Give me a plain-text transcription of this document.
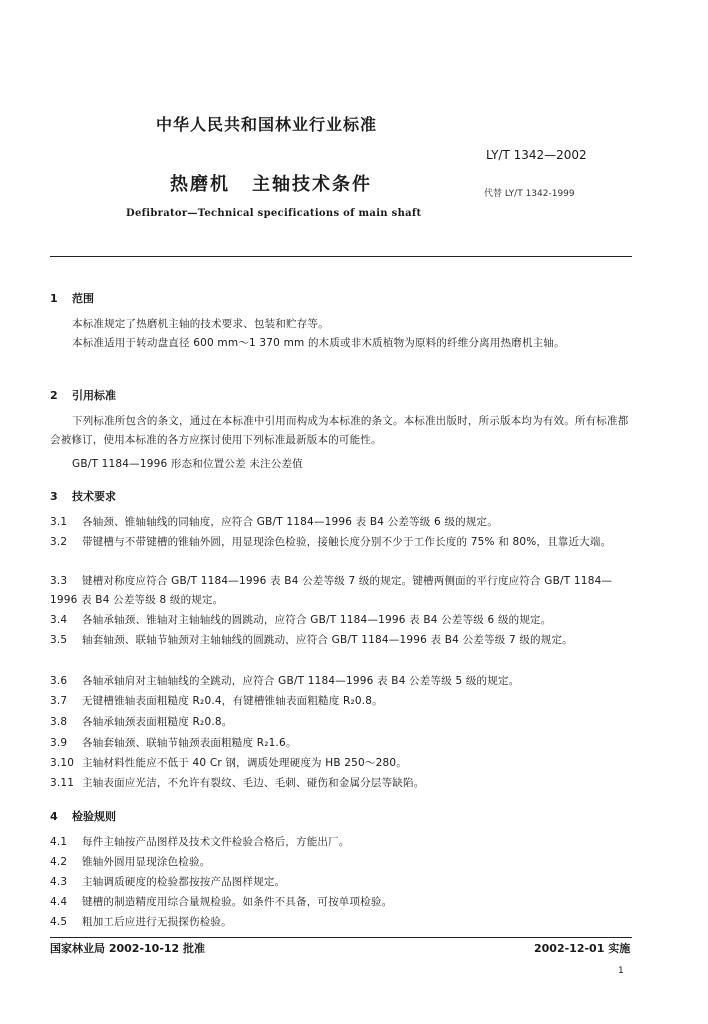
中华人民共和国林业行业标准
LY/T 1342—2002
热磨机 主轴技术条件	代替 LY/T 1342-1999
Defibrator—Technical specifications of main shaft
1 范围
本标准规定了热磨机主轴的技术要求、包装和贮存等。
本标准适用于转动盘直径 600 mm～1 370 mm 的木质或非木质植物为原料的纤维分离用热磨机主轴。
2 引用标准
下列标准所包含的条文，通过在本标准中引用而构成为本标准的条文。本标准出版时，所示版本均为有效。所有标准都会被修订，使用本标准的各方应探讨使用下列标准最新版本的可能性。
GB/T 1184—1996 形态和位置公差 未注公差值
3 技术要求
3.1 各轴颈、锥轴轴线的同轴度，应符合 GB/T 1184—1996 表 B4 公差等级 6 级的规定。
3.2 带键槽与不带键槽的锥轴外圆，用显现涂色检验，接触长度分别不少于工作长度的 75% 和 80%，且靠近大端。
3.3 键槽对称度应符合 GB/T 1184—1996 表 B4 公差等级 7 级的规定。键槽两侧面的平行度应符合 GB/T 1184—1996 表 B4 公差等级 8 级的规定。
3.4 各轴承轴颈、锥轴对主轴轴线的圆跳动，应符合 GB/T 1184—1996 表 B4 公差等级 6 级的规定。
3.5 轴套轴颈、联轴节轴颈对主轴轴线的圆跳动，应符合 GB/T 1184—1996 表 B4 公差等级 7 级的规定。
3.6 各轴承轴肩对主轴轴线的全跳动，应符合 GB/T 1184—1996 表 B4 公差等级 5 级的规定。
3.7 无键槽锥轴表面粗糙度 R₂0.4，有键槽锥轴表面粗糙度 R₂0.8。
3.8 各轴承轴颈表面粗糙度 R₂0.8。
3.9 各轴套轴颈、联轴节轴颈表面粗糙度 R₂1.6。
3.10 主轴材料性能应不低于 40 Cr 钢，调质处理硬度为 HB 250～280。
3.11 主轴表面应光洁，不允许有裂纹、毛边、毛刺、碰伤和金属分层等缺陷。
4 检验规则
4.1 每件主轴按产品图样及技术文件检验合格后，方能出厂。
4.2 锥轴外圆用显现涂色检验。
4.3 主轴调质硬度的检验都按按产品图样规定。
4.4 键槽的制造精度用综合量规检验。如条件不具备，可按单项检验。
4.5 粗加工后应进行无损探伤检验。
国家林业局 2002-10-12 批准	2002-12-01 实施
1
